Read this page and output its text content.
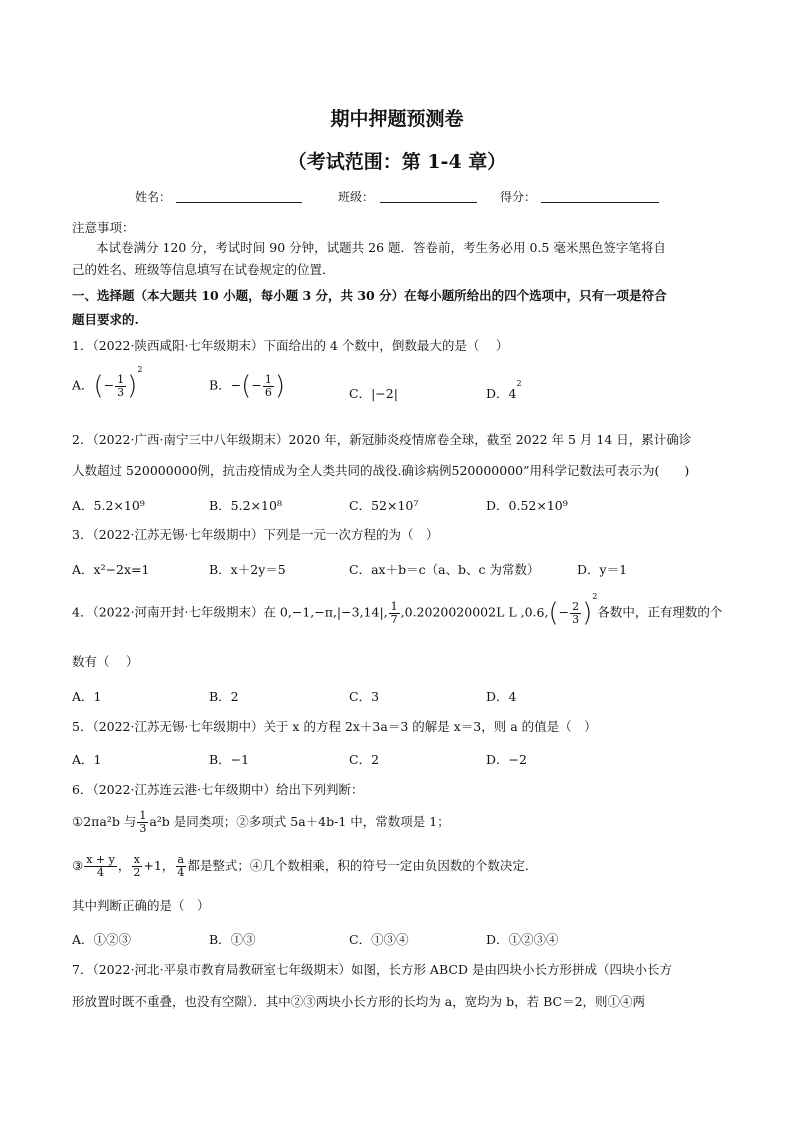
期中押题预测卷
（考试范围：第 1-4 章）
姓名：	班级：	得分：
注意事项：
本试卷满分 120 分，考试时间 90 分钟，试题共 26 题．答卷前，考生务必用 0.5 毫米黑色签字笔将自
己的姓名、班级等信息填写在试卷规定的位置．
一、选择题（本大题共 10 小题，每小题 3 分，共 30 分）在每小题所给出的四个选项中，只有一项是符合
题目要求的.
1．（2022·陕西咸阳·七年级期末）下面给出的 4 个数中，倒数最大的是（　 ）
A．(− $\frac{1}{3} )^2$
B．−(− $\frac{1}{6}$ )	C．|−2|	D．$4^2$
2．（2022·广西·南宁三中八年级期末）2020 年，新冠肺炎疫情席卷全球，截至 2022 年 5 月 14 日，累计确诊
人数超过 520000000例，抗击疫情成为全人类共同的战役.确诊病例520000000”用科学记数法可表示为(　　)
A．5.2×10⁹	B．5.2×10⁸	C．52×10⁷	D．0.52×10⁹
3．（2022·江苏无锡·七年级期中）下列是一元一次方程的为（　）
A．x²−2x=1	B．x＋2y＝5	C．ax＋b＝c（a、b、c 为常数）	D．y＝1
4．（2022·河南开封·七年级期末）在 0,−1,−π,|−3,14|, $\frac{1}{7} ,0.2020020002L$ L $,0.6,(- \frac{2}{3} )^2$各数中，正有理数的个
数有（　 ）
A．1	B．2	C．3	D．4
5．（2022·江苏无锡·七年级期中）关于 x 的方程 2x＋3a＝3 的解是 x＝3，则 a 的值是（　）
A．1	B．−1	C．2	D．−2
6．（2022·江苏连云港·七年级期中）给出下列判断：
①2πa²b 与 $\frac{1}{3} a^2b$ 是同类项；②多项式 5a＋4b-1 中，常数项是 1；
③ $\frac{x + y}{4}$ ， $\frac{x}{2} +1$， $\frac{a}{4}$ 都是整式；④几个数相乘，积的符号一定由负因数的个数决定．
其中判断正确的是（　）
A．①②③	B．①③	C．①③④	D．①②③④
7．（2022·河北·平泉市教育局教研室七年级期末）如图，长方形 ABCD 是由四块小长方形拼成（四块小长方
形放置时既不重叠，也没有空隙）．其中②③两块小长方形的长均为 a，宽均为 b，若 BC＝2，则①④两
